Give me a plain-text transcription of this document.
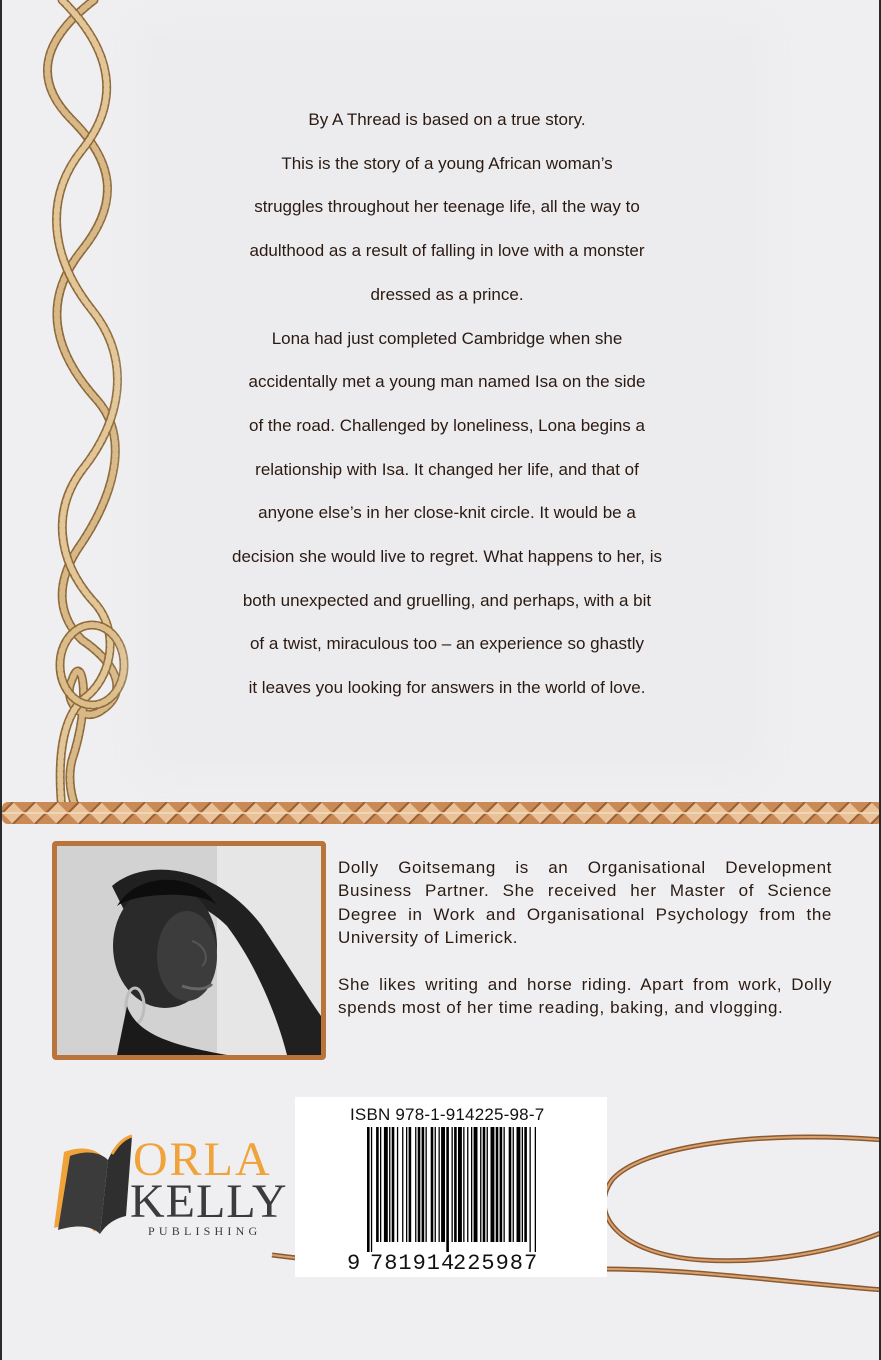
By A Thread is based on a true story.

This is the story of a young African woman’s

struggles throughout her teenage life, all the way to

adulthood as a result of falling in love with a monster

dressed as a prince.

Lona had just completed Cambridge when she

accidentally met a young man named Isa on the side

of the road. Challenged by loneliness, Lona begins a

relationship with Isa. It changed her life, and that of

anyone else’s in her close-knit circle. It would be a

decision she would live to regret. What happens to her, is

both unexpected and gruelling, and perhaps, with a bit

of a twist, miraculous too – an experience so ghastly

it leaves you looking for answers in the world of love.

Dolly Goitsemang is an Organisational Development Business Partner. She received her Master of Science Degree in Work and Organisational Psychology from the University of Limerick.

She likes writing and horse riding. Apart from work, Dolly spends most of her time reading, baking, and vlogging.

ISBN 978-1-914225-98-7
9 781914
225987
ORLA
KELLY
PUBLISHING
